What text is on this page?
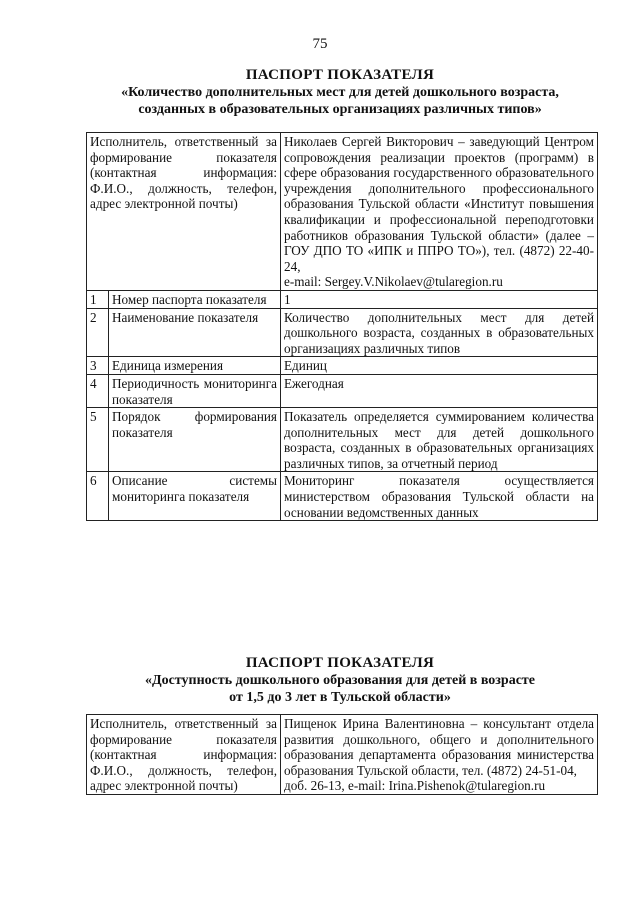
75
ПАСПОРТ ПОКАЗАТЕЛЯ
«Количество дополнительных мест для детей дошкольного возраста,
созданных в образовательных организациях различных типов»
Исполнитель, ответственный за формирование показателя (контактная информация: Ф.И.О., должность, телефон, адрес электронной почты)		Николаев Сергей Викторович – заведующий Центром сопровождения реализации проектов (программ) в сфере образования государственного образовательного учреждения дополнительного профессионального образования Тульской области «Институт повышения квалификации и профессиональной переподготовки работников образования Тульской области» (далее – ГОУ ДПО ТО «ИПК и ППРО ТО»), тел. (4872) 22-40-24,
e-mail: Sergey.V.Nikolaev@tularegion.ru
1	Номер паспорта показателя	1
2	Наименование показателя	Количество дополнительных мест для детей дошкольного возраста, созданных в образовательных организациях различных типов
3	Единица измерения	Единиц
4	Периодичность мониторинга показателя	Ежегодная
5	Порядок формирования показателя	Показатель определяется суммированием количества дополнительных мест для детей дошкольного возраста, созданных в образовательных организациях различных типов, за отчетный период
6	Описание системы мониторинга показателя	Мониторинг показателя осуществляется министерством образования Тульской области на основании ведомственных данных
ПАСПОРТ ПОКАЗАТЕЛЯ
«Доступность дошкольного образования для детей в возрасте
от 1,5 до 3 лет в Тульской области»
Исполнитель, ответственный за формирование показателя (контактная информация: Ф.И.О., должность, телефон, адрес электронной почты)	Пищенок Ирина Валентиновна – консультант отдела развития дошкольного, общего и дополнительного образования департамента образования министерства образования Тульской области, тел. (4872) 24-51-04,
доб. 26-13, e-mail: Irina.Pishenok@tularegion.ru
